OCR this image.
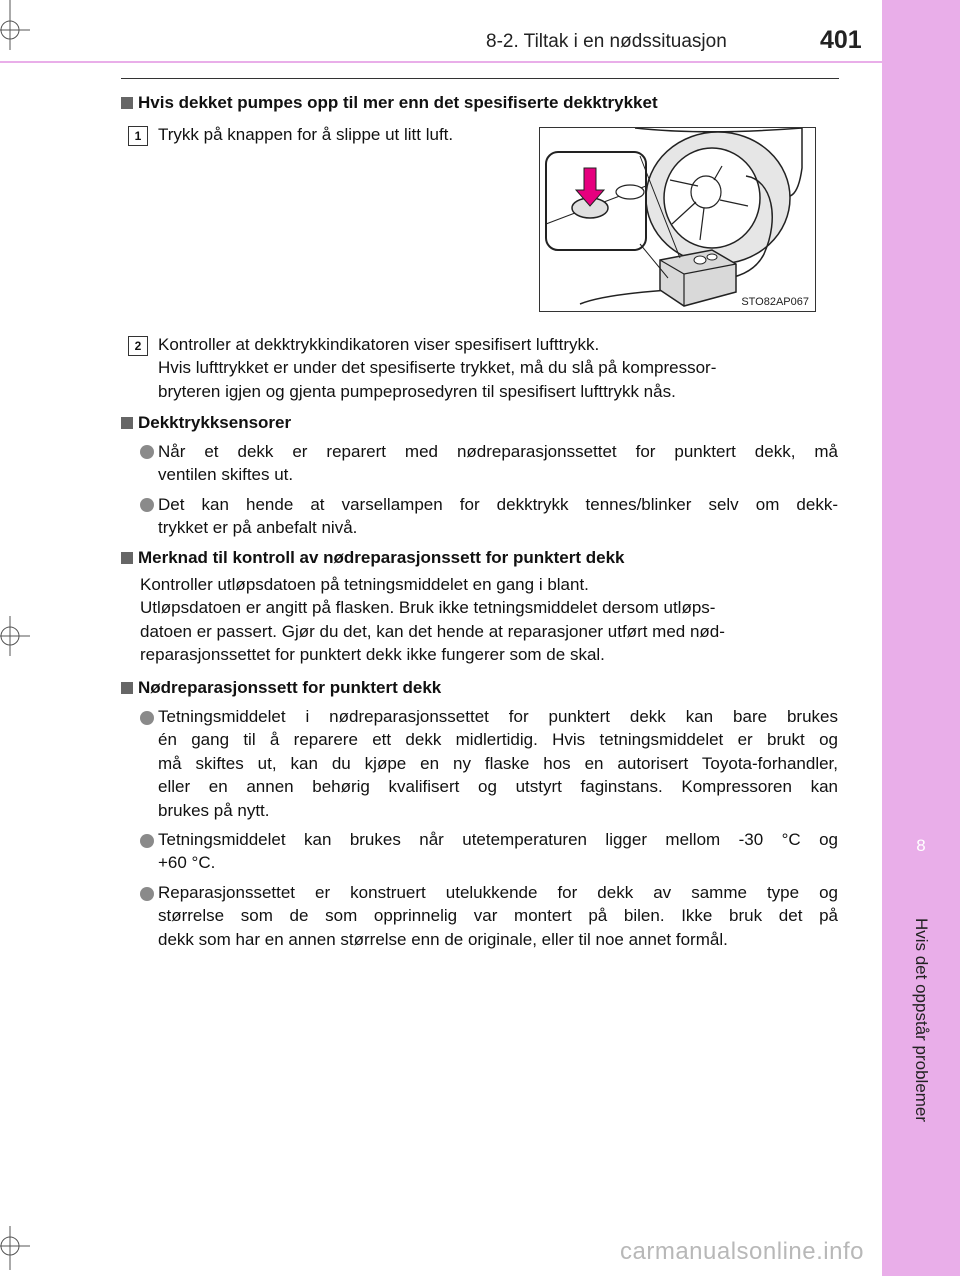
8
Hvis det oppstår problemer
8-2. Tiltak i en nødssituasjon	401
Hvis dekket pumpes opp til mer enn det spesifiserte dekktrykket
1 Trykk på knappen for å slippe ut litt luft.
STO82AP067
2 Kontroller at dekktrykkindikatoren viser spesifisert lufttrykk.
Hvis lufttrykket er under det spesifiserte trykket, må du slå på kompressor-
bryteren igjen og gjenta pumpeprosedyren til spesifisert lufttrykk nås.
Dekktrykksensorer
Når et dekk er reparert med nødreparasjonssettet for punktert dekk, må
ventilen skiftes ut.
Det kan hende at varsellampen for dekktrykk tennes/blinker selv om dekk-
trykket er på anbefalt nivå.
Merknad til kontroll av nødreparasjonssett for punktert dekk
Kontroller utløpsdatoen på tetningsmiddelet en gang i blant.
Utløpsdatoen er angitt på flasken. Bruk ikke tetningsmiddelet dersom utløps-
datoen er passert. Gjør du det, kan det hende at reparasjoner utført med nød-
reparasjonssettet for punktert dekk ikke fungerer som de skal.
Nødreparasjonssett for punktert dekk
Tetningsmiddelet i nødreparasjonssettet for punktert dekk kan bare brukes
én gang til å reparere ett dekk midlertidig. Hvis tetningsmiddelet er brukt og
må skiftes ut, kan du kjøpe en ny flaske hos en autorisert Toyota-forhandler,
eller en annen behørig kvalifisert og utstyrt faginstans. Kompressoren kan
brukes på nytt.
Tetningsmiddelet kan brukes når utetemperaturen ligger mellom -30 °C og
+60 °C.
Reparasjonssettet er konstruert utelukkende for dekk av samme type og
størrelse som de som opprinnelig var montert på bilen. Ikke bruk det på
dekk som har en annen størrelse enn de originale, eller til noe annet formål.
carmanualsonline.info
